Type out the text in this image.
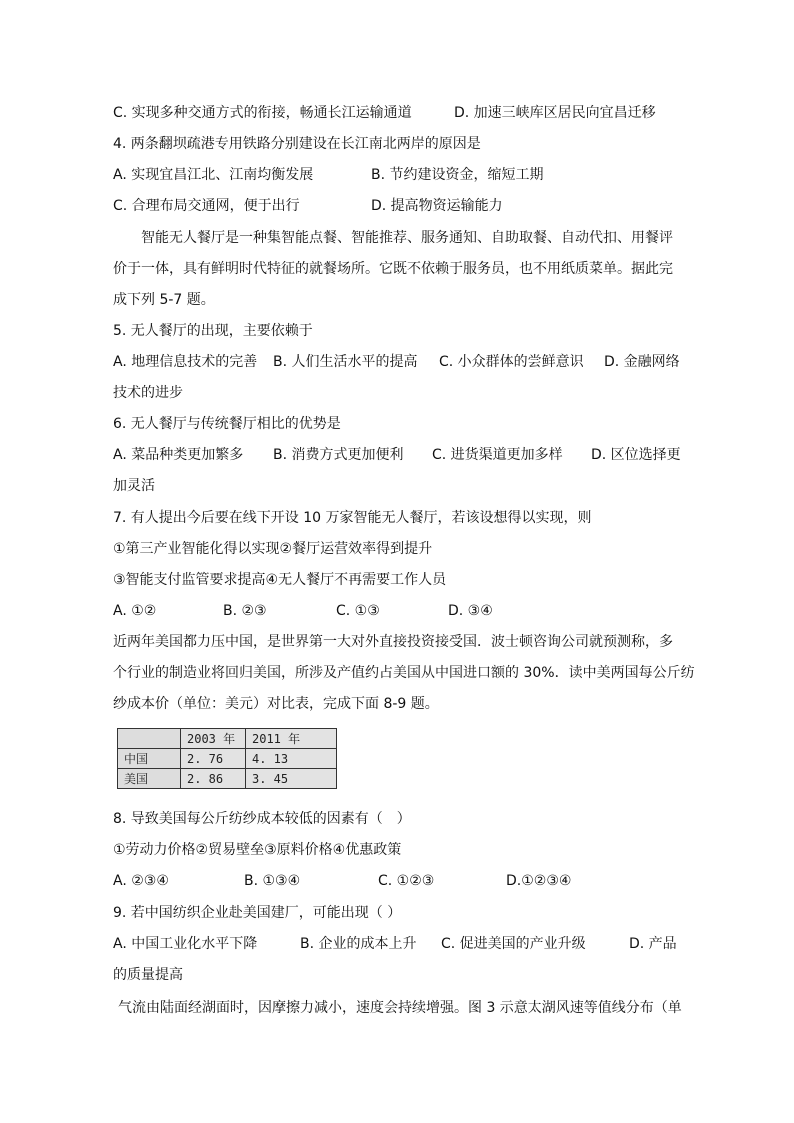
C. 实现多种交通方式的衔接，畅通长江运输通道	D. 加速三峡库区居民向宜昌迁移
4. 两条翻坝疏港专用铁路分别建设在长江南北两岸的原因是
A. 实现宜昌江北、江南均衡发展	B. 节约建设资金，缩短工期
C. 合理布局交通网，便于出行	D. 提高物资运输能力
智能无人餐厅是一种集智能点餐、智能推荐、服务通知、自助取餐、自动代扣、用餐评
价于一体，具有鲜明时代特征的就餐场所。它既不依赖于服务员，也不用纸质菜单。据此完
成下列 5-7 题。
5. 无人餐厅的出现，主要依赖于
A. 地理信息技术的完善 B. 人们生活水平的提高 C. 小众群体的尝鲜意识 D. 金融网络
技术的进步
6. 无人餐厅与传统餐厅相比的优势是
A. 菜品种类更加繁多 B. 消费方式更加便利 C. 进货渠道更加多样 D. 区位选择更
加灵活
7. 有人提出今后要在线下开设 10 万家智能无人餐厅，若该设想得以实现，则
①第三产业智能化得以实现②餐厅运营效率得到提升
③智能支付监管要求提高④无人餐厅不再需要工作人员
A. ①②	B. ②③	C. ①③	D. ③④
近两年美国都力压中国，是世界第一大对外直接投资接受国．波士顿咨询公司就预测称，多
个行业的制造业将回归美国，所涉及产值约占美国从中国进口额的 30%．读中美两国每公斤纺
纱成本价（单位：美元）对比表，完成下面 8-9 题。
	2003 年	2011 年
中国	2. 76	4. 13
美国	2. 86	3. 45
8. 导致美国每公斤纺纱成本较低的因素有（　）
①劳动力价格②贸易壁垒③原料价格④优惠政策
A. ②③④	B. ①③④	C. ①②③	D.①②③④
9. 若中国纺织企业赴美国建厂，可能出现（ ）
A. 中国工业化水平下降	B. 企业的成本上升 C. 促进美国的产业升级	D. 产品
的质量提高
气流由陆面经湖面时，因摩擦力减小，速度会持续增强。图 3 示意太湖风速等值线分布（单
